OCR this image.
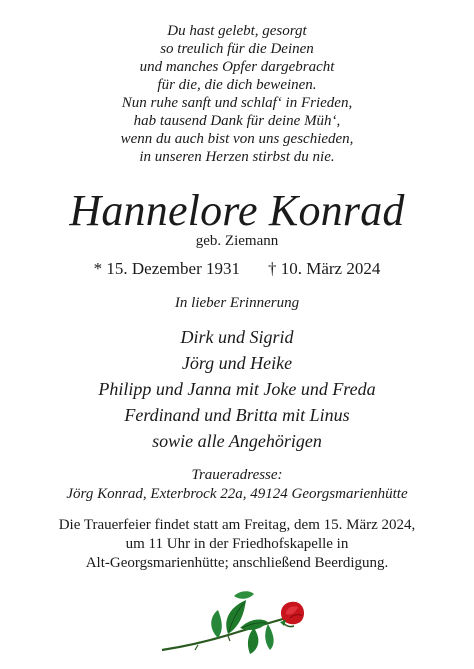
Du hast gelebt, gesorgt
so treulich für die Deinen
und manches Opfer dargebracht
für die, die dich beweinen.
Nun ruhe sanft und schlaf‘ in Frieden,
hab tausend Dank für deine Müh‘,
wenn du auch bist von uns geschieden,
in unseren Herzen stirbst du nie.
Hannelore Konrad
geb. Ziemann
* 15. Dezember 1931 † 10. März 2024
In lieber Erinnerung
Dirk und Sigrid
Jörg und Heike
Philipp und Janna mit Joke und Freda
Ferdinand und Britta mit Linus
sowie alle Angehörigen
Traueradresse:
Jörg Konrad, Exterbrock 22a, 49124 Georgsmarienhütte
Die Trauerfeier findet statt am Freitag, dem 15. März 2024,
um 11 Uhr in der Friedhofskapelle in
Alt-Georgsmarienhütte; anschließend Beerdigung.
